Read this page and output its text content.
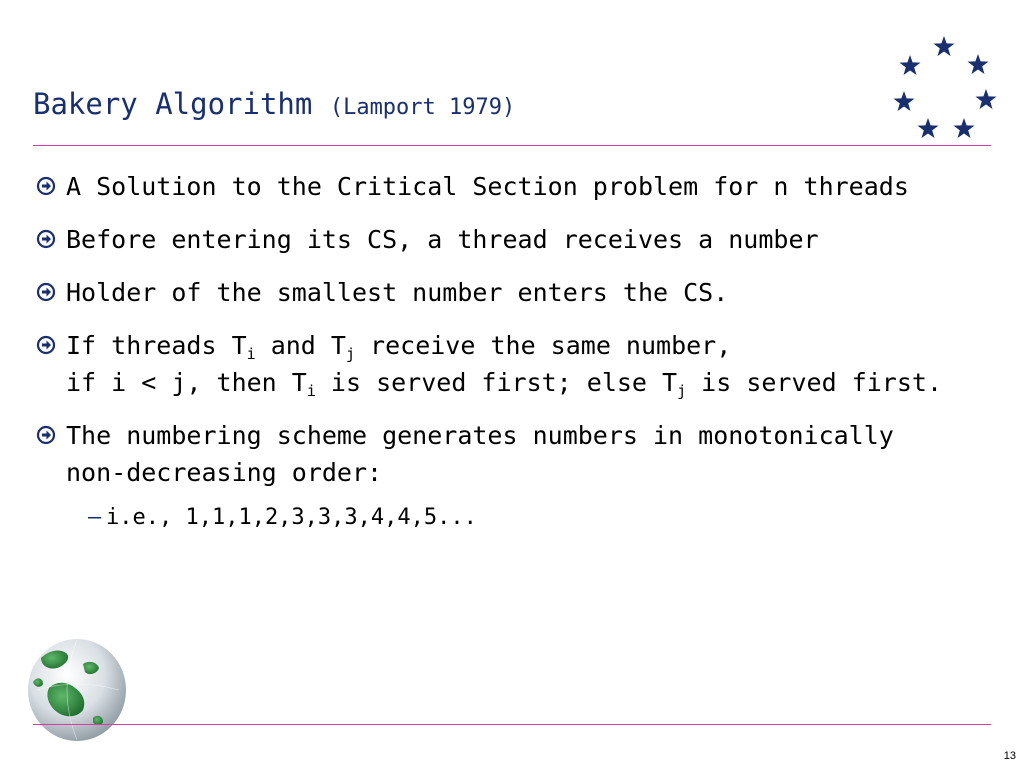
Bakery Algorithm (Lamport 1979)
A Solution to the Critical Section problem for n threads
Before entering its CS, a thread receives a number
Holder of the smallest number enters the CS.
If threads $T_i$ and $T_j$ receive the same number,
if i < j, then $T_i$ is served first; else $T_j$ is served first.
The numbering scheme generates numbers in monotonically
non-decreasing order:
– i.e., 1,1,1,2,3,3,3,4,4,5...
13
